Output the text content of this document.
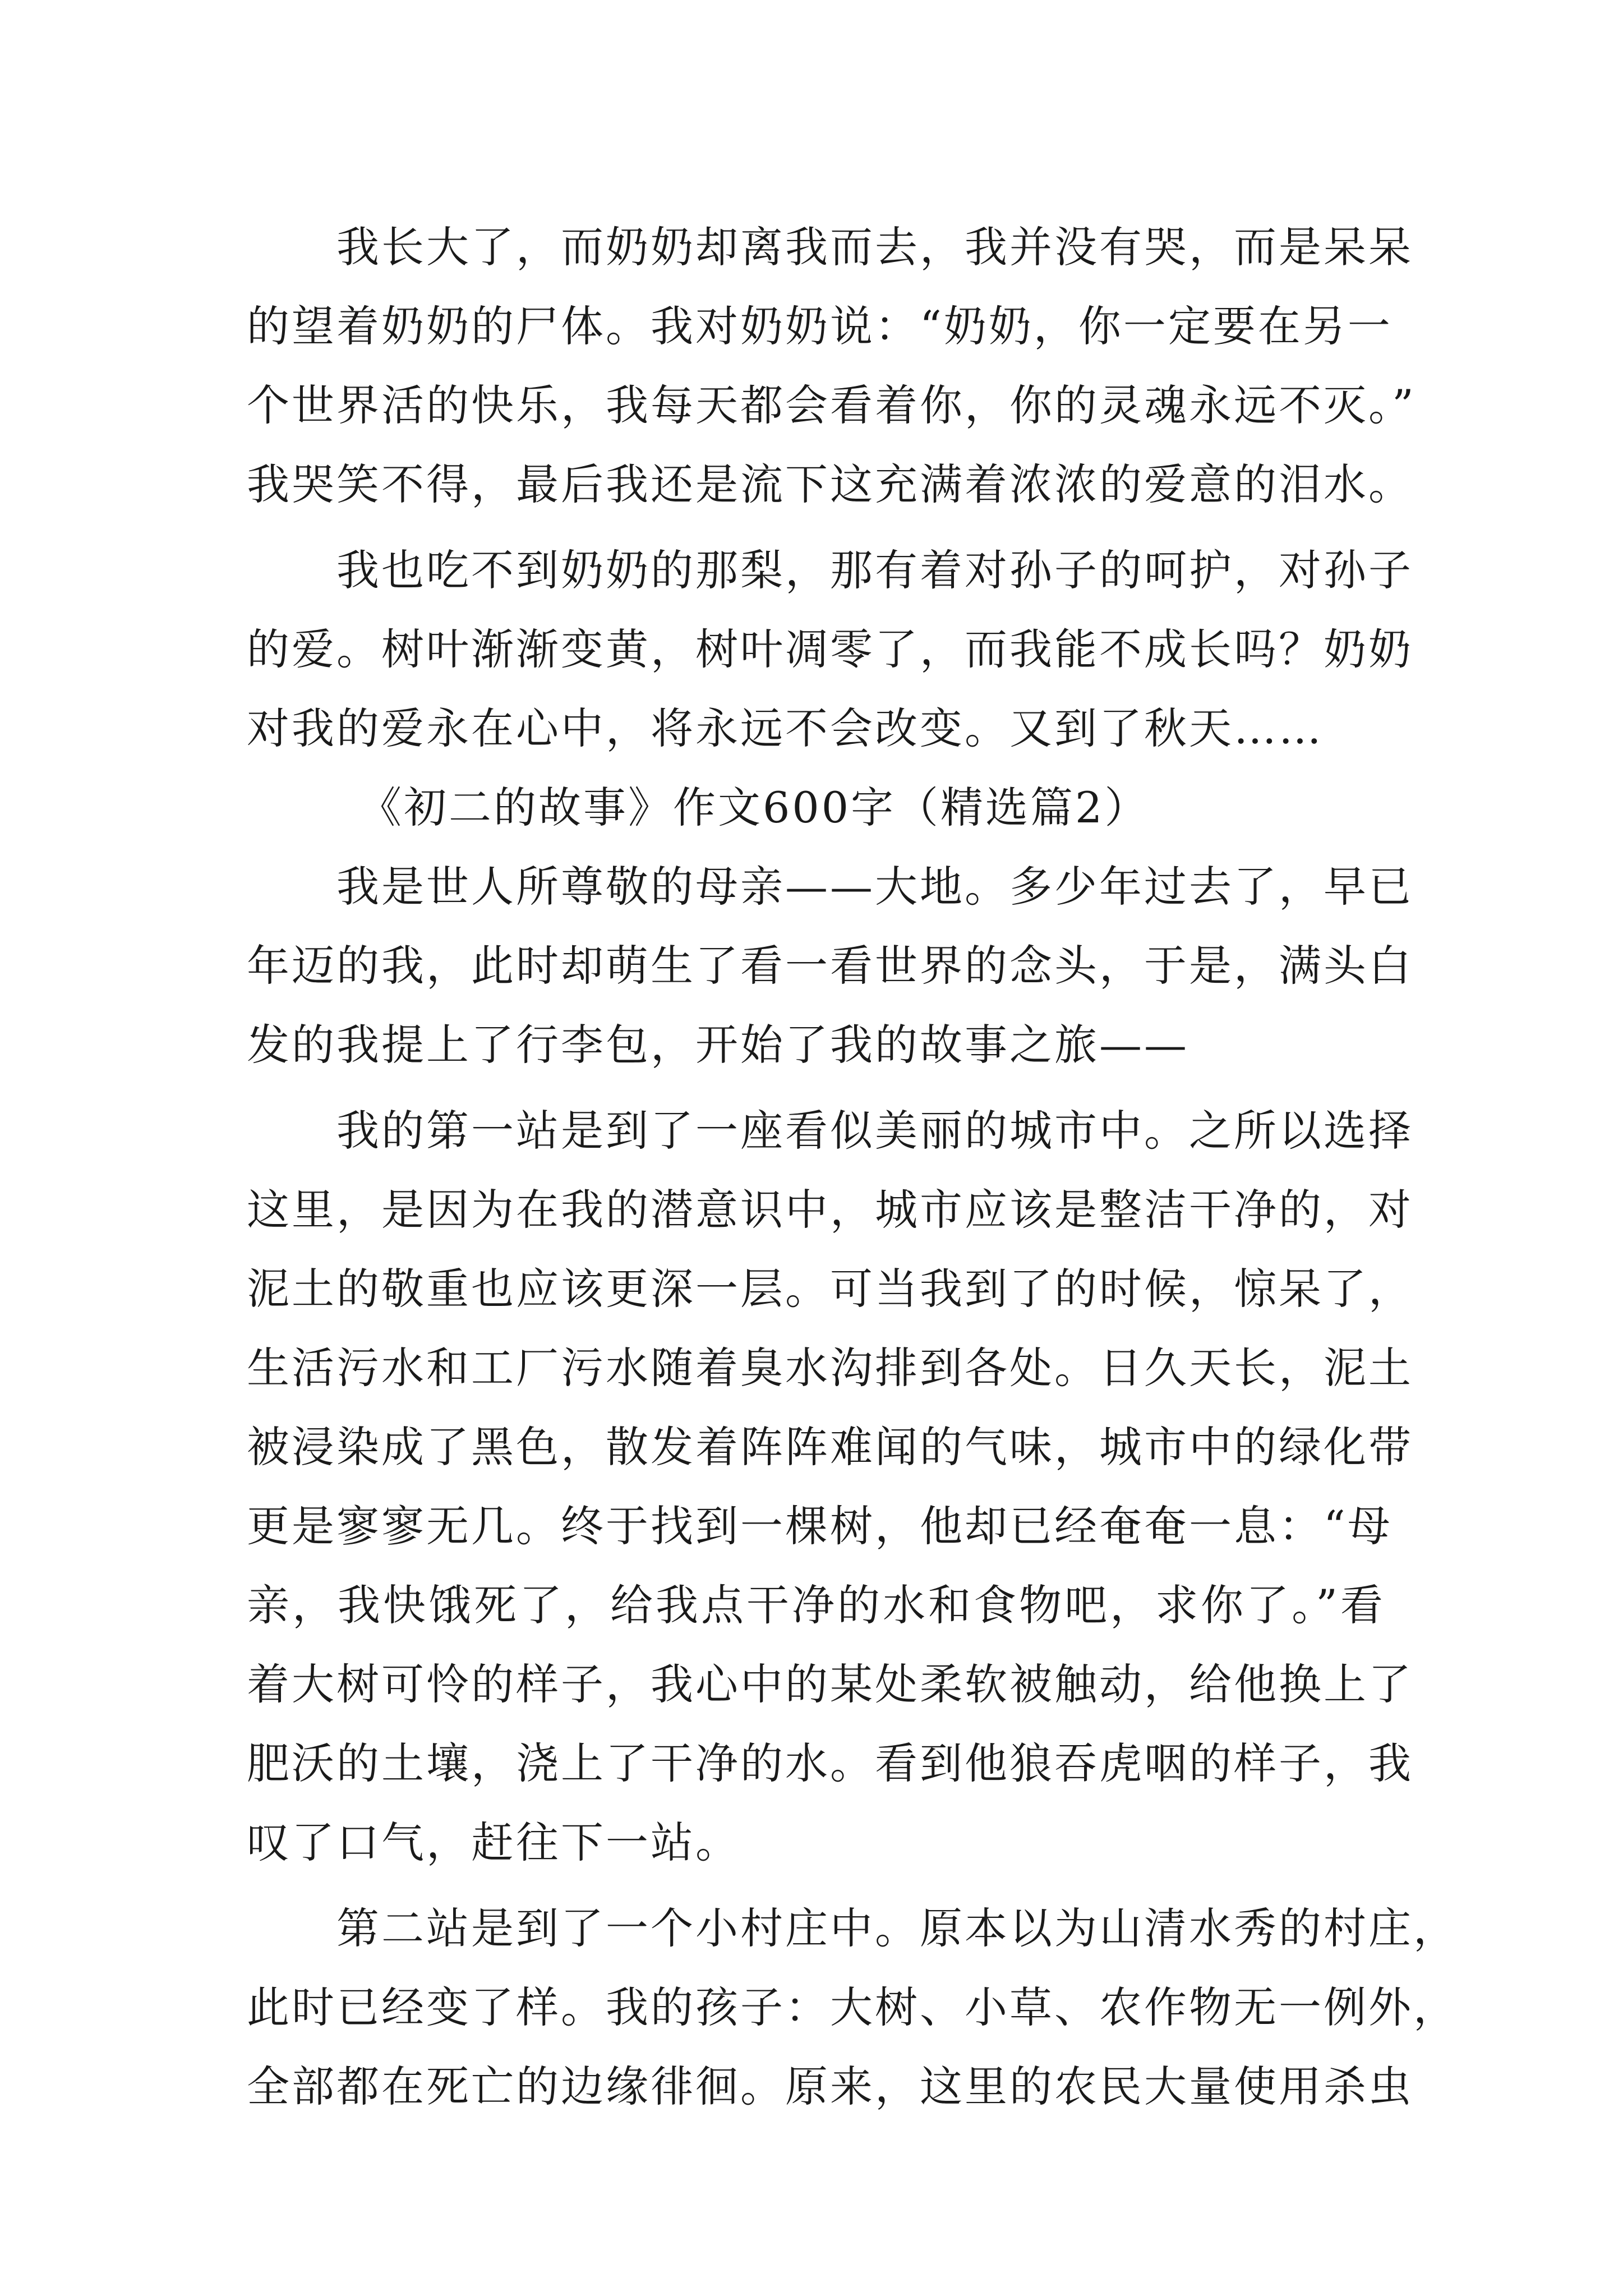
我长大了，而奶奶却离我而去，我并没有哭，而是呆呆
的望着奶奶的尸体。我对奶奶说：“奶奶，你一定要在另一
个世界活的快乐，我每天都会看着你，你的灵魂永远不灭。”
我哭笑不得，最后我还是流下这充满着浓浓的爱意的泪水。
我也吃不到奶奶的那梨，那有着对孙子的呵护，对孙子
的爱。树叶渐渐变黄，树叶凋零了，而我能不成长吗？奶奶
对我的爱永在心中，将永远不会改变。又到了秋天……
《初二的故事》作文600字（精选篇2）
我是世人所尊敬的母亲——大地。多少年过去了，早已
年迈的我，此时却萌生了看一看世界的念头，于是，满头白
发的我提上了行李包，开始了我的故事之旅——
我的第一站是到了一座看似美丽的城市中。之所以选择
这里，是因为在我的潜意识中，城市应该是整洁干净的，对
泥土的敬重也应该更深一层。可当我到了的时候，惊呆了，
生活污水和工厂污水随着臭水沟排到各处。日久天长，泥土
被浸染成了黑色，散发着阵阵难闻的气味，城市中的绿化带
更是寥寥无几。终于找到一棵树，他却已经奄奄一息：“母
亲，我快饿死了，给我点干净的水和食物吧，求你了。”看
着大树可怜的样子，我心中的某处柔软被触动，给他换上了
肥沃的土壤，浇上了干净的水。看到他狼吞虎咽的样子，我
叹了口气，赶往下一站。
第二站是到了一个小村庄中。原本以为山清水秀的村庄，
此时已经变了样。我的孩子：大树、小草、农作物无一例外，
全部都在死亡的边缘徘徊。原来，这里的农民大量使用杀虫
